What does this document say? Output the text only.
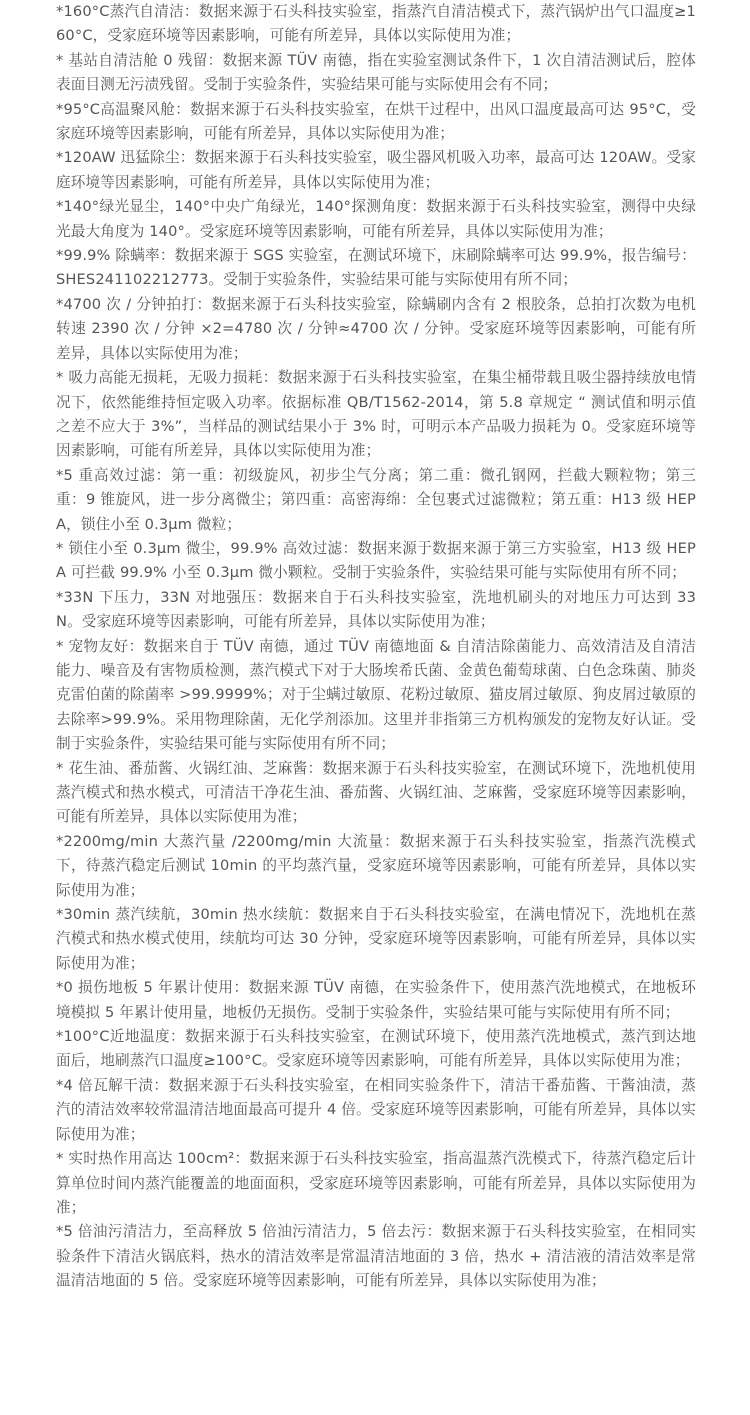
*160°C蒸汽自清洁：数据来源于石头科技实验室，指蒸汽自清洁模式下，蒸汽锅炉出气口温度≥160°C，受家庭环境等因素影响，可能有所差异，具体以实际使用为准；
* 基站自清洁舱 0 残留：数据来源 TÜV 南德，指在实验室测试条件下，1 次自清洁测试后，腔体表面目测无污渍残留。受制于实验条件，实验结果可能与实际使用会有不同；
*95°C高温聚风舱：数据来源于石头科技实验室，在烘干过程中，出风口温度最高可达 95°C，受家庭环境等因素影响，可能有所差异，具体以实际使用为准；
*120AW 迅猛除尘：数据来源于石头科技实验室，吸尘器风机吸入功率，最高可达 120AW。受家庭环境等因素影响，可能有所差异，具体以实际使用为准；
*140°绿光显尘，140°中央广角绿光，140°探测角度：数据来源于石头科技实验室，测得中央绿光最大角度为 140°。受家庭环境等因素影响，可能有所差异，具体以实际使用为准；
*99.9% 除螨率：数据来源于 SGS 实验室，在测试环境下，床刷除螨率可达 99.9%，报告编号：SHES241102212773。受制于实验条件，实验结果可能与实际使用有所不同；
*4700 次 / 分钟拍打：数据来源于石头科技实验室，除螨刷内含有 2 根胶条，总拍打次数为电机转速 2390 次 / 分钟 ×2=4780 次 / 分钟≈4700 次 / 分钟。受家庭环境等因素影响，可能有所差异，具体以实际使用为准；
* 吸力高能无损耗，无吸力损耗：数据来源于石头科技实验室，在集尘桶带载且吸尘器持续放电情况下，依然能维持恒定吸入功率。依据标准 QB/T1562-2014，第 5.8 章规定 “ 测试值和明示值之差不应大于 3%”，当样品的测试结果小于 3% 时，可明示本产品吸力损耗为 0。受家庭环境等因素影响，可能有所差异，具体以实际使用为准；
*5 重高效过滤：第一重：初级旋风，初步尘气分离；第二重：微孔钢网，拦截大颗粒物；第三重：9 锥旋风，进一步分离微尘；第四重：高密海绵：全包裹式过滤微粒；第五重：H13 级 HEPA，锁住小至 0.3μm 微粒；
* 锁住小至 0.3μm 微尘，99.9% 高效过滤：数据来源于数据来源于第三方实验室，H13 级 HEPA 可拦截 99.9% 小至 0.3μm 微小颗粒。受制于实验条件，实验结果可能与实际使用有所不同；
*33N 下压力，33N 对地强压：数据来自于石头科技实验室，洗地机刷头的对地压力可达到 33N。受家庭环境等因素影响，可能有所差异，具体以实际使用为准；
* 宠物友好：数据来自于 TÜV 南德，通过 TÜV 南德地面 & 自清洁除菌能力、高效清洁及自清洁能力、噪音及有害物质检测，蒸汽模式下对于大肠埃希氏菌、金黄色葡萄球菌、白色念珠菌、肺炎克雷伯菌的除菌率 >99.9999%；对于尘螨过敏原、花粉过敏原、猫皮屑过敏原、狗皮屑过敏原的去除率>99.9%。采用物理除菌，无化学剂添加。这里并非指第三方机构颁发的宠物友好认证。受制于实验条件，实验结果可能与实际使用有所不同；
* 花生油、番茄酱、火锅红油、芝麻酱：数据来源于石头科技实验室，在测试环境下，洗地机使用蒸汽模式和热水模式，可清洁干净花生油、番茄酱、火锅红油、芝麻酱，受家庭环境等因素影响，可能有所差异，具体以实际使用为准；
*2200mg/min 大蒸汽量 /2200mg/min 大流量：数据来源于石头科技实验室，指蒸汽洗模式下，待蒸汽稳定后测试 10min 的平均蒸汽量，受家庭环境等因素影响，可能有所差异，具体以实际使用为准；
*30min 蒸汽续航，30min 热水续航：数据来自于石头科技实验室，在满电情况下，洗地机在蒸汽模式和热水模式使用，续航均可达 30 分钟，受家庭环境等因素影响，可能有所差异，具体以实际使用为准；
*0 损伤地板 5 年累计使用：数据来源 TÜV 南德，在实验条件下，使用蒸汽洗地模式，在地板环境模拟 5 年累计使用量，地板仍无损伤。受制于实验条件，实验结果可能与实际使用有所不同；
*100°C近地温度：数据来源于石头科技实验室，在测试环境下，使用蒸汽洗地模式，蒸汽到达地面后，地刷蒸汽口温度≥100°C。受家庭环境等因素影响，可能有所差异，具体以实际使用为准；
*4 倍瓦解干渍：数据来源于石头科技实验室，在相同实验条件下，清洁干番茄酱、干酱油渍，蒸汽的清洁效率较常温清洁地面最高可提升 4 倍。受家庭环境等因素影响，可能有所差异，具体以实际使用为准；
* 实时热作用高达 100cm²：数据来源于石头科技实验室，指高温蒸汽洗模式下，待蒸汽稳定后计算单位时间内蒸汽能覆盖的地面面积，受家庭环境等因素影响，可能有所差异，具体以实际使用为准；
*5 倍油污清洁力，至高释放 5 倍油污清洁力，5 倍去污：数据来源于石头科技实验室，在相同实验条件下清洁火锅底料，热水的清洁效率是常温清洁地面的 3 倍，热水 + 清洁液的清洁效率是常温清洁地面的 5 倍。受家庭环境等因素影响，可能有所差异，具体以实际使用为准；
